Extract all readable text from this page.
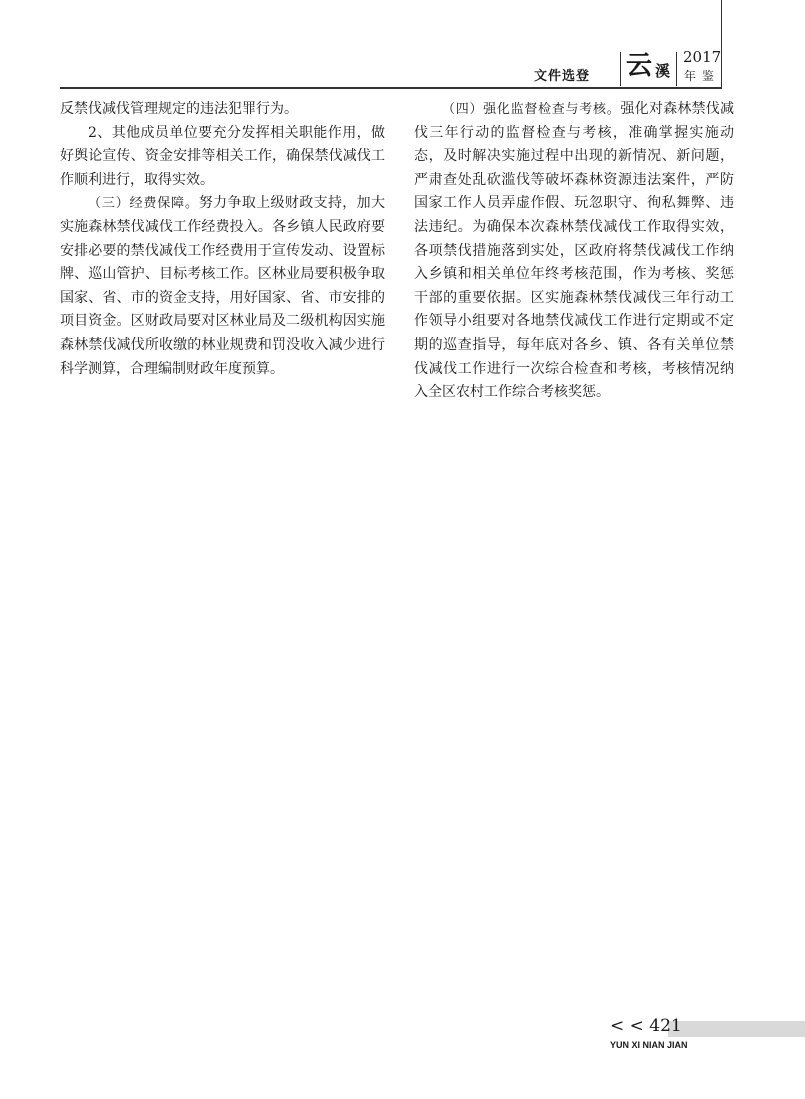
文件选登 云 溪
2017
年鉴

反禁伐减伐管理规定的违法犯罪行为。

2、其他成员单位要充分发挥相关职能作用，做好舆论宣传、资金安排等相关工作，确保禁伐减伐工作顺利进行，取得实效。

（三）经费保障。努力争取上级财政支持，加大实施森林禁伐减伐工作经费投入。各乡镇人民政府要安排必要的禁伐减伐工作经费用于宣传发动、设置标牌、巡山管护、目标考核工作。区林业局要积极争取国家、省、市的资金支持，用好国家、省、市安排的项目资金。区财政局要对区林业局及二级机构因实施森林禁伐减伐所收缴的林业规费和罚没收入减少进行科学测算，合理编制财政年度预算。

（四）强化监督检查与考核。强化对森林禁伐减伐三年行动的监督检查与考核，准确掌握实施动态，及时解决实施过程中出现的新情况、新问题，严肃查处乱砍滥伐等破坏森林资源违法案件，严防国家工作人员弄虚作假、玩忽职守、徇私舞弊、违法违纪。为确保本次森林禁伐减伐工作取得实效，各项禁伐措施落到实处，区政府将禁伐减伐工作纳入乡镇和相关单位年终考核范围，作为考核、奖惩干部的重要依据。区实施森林禁伐减伐三年行动工作领导小组要对各地禁伐减伐工作进行定期或不定期的巡查指导，每年底对各乡、镇、各有关单位禁伐减伐工作进行一次综合检查和考核，考核情况纳入全区农村工作综合考核奖惩。

< < 421
YUN XI NIAN JIAN
